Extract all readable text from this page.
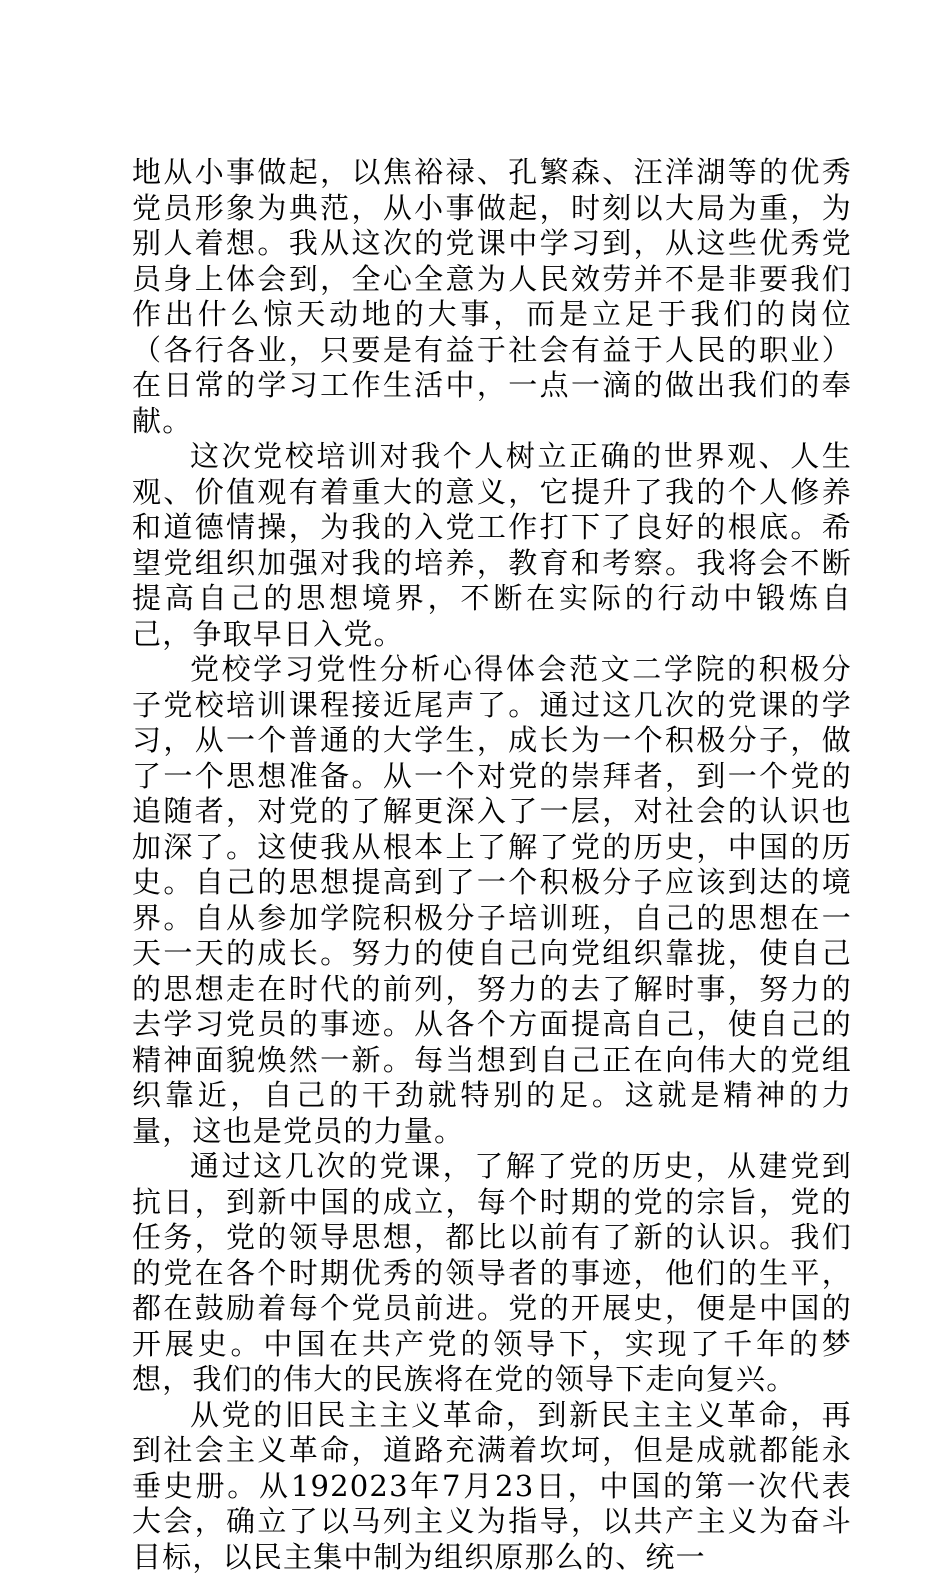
地从小事做起，以焦裕禄、孔繁森、汪洋湖等的优秀党员形象为典范，从小事做起，时刻以大局为重，为别人着想。我从这次的党课中学习到，从这些优秀党员身上体会到，全心全意为人民效劳并不是非要我们作出什么惊天动地的大事，而是立足于我们的岗位（各行各业，只要是有益于社会有益于人民的职业）在日常的学习工作生活中，一点一滴的做出我们的奉献。

这次党校培训对我个人树立正确的世界观、人生观、价值观有着重大的意义，它提升了我的个人修养和道德情操，为我的入党工作打下了良好的根底。希望党组织加强对我的培养，教育和考察。我将会不断提高自己的思想境界，不断在实际的行动中锻炼自己，争取早日入党。

党校学习党性分析心得体会范文二学院的积极分子党校培训课程接近尾声了。通过这几次的党课的学习，从一个普通的大学生，成长为一个积极分子，做了一个思想准备。从一个对党的崇拜者，到一个党的追随者，对党的了解更深入了一层，对社会的认识也加深了。这使我从根本上了解了党的历史，中国的历史。自己的思想提高到了一个积极分子应该到达的境界。自从参加学院积极分子培训班，自己的思想在一天一天的成长。努力的使自己向党组织靠拢，使自己的思想走在时代的前列，努力的去了解时事，努力的去学习党员的事迹。从各个方面提高自己，使自己的精神面貌焕然一新。每当想到自己正在向伟大的党组织靠近，自己的干劲就特别的足。这就是精神的力量，这也是党员的力量。

通过这几次的党课，了解了党的历史，从建党到抗日，到新中国的成立，每个时期的党的宗旨，党的任务，党的领导思想，都比以前有了新的认识。我们的党在各个时期优秀的领导者的事迹，他们的生平，都在鼓励着每个党员前进。党的开展史，便是中国的开展史。中国在共产党的领导下，实现了千年的梦想，我们的伟大的民族将在党的领导下走向复兴。

从党的旧民主主义革命，到新民主主义革命，再到社会主义革命，道路充满着坎坷，但是成就都能永垂史册。从192023年7月23日，中国的第一次代表大会，确立了以马列主义为指导，以共产主义为奋斗目标，以民主集中制为组织原那么的、统一
